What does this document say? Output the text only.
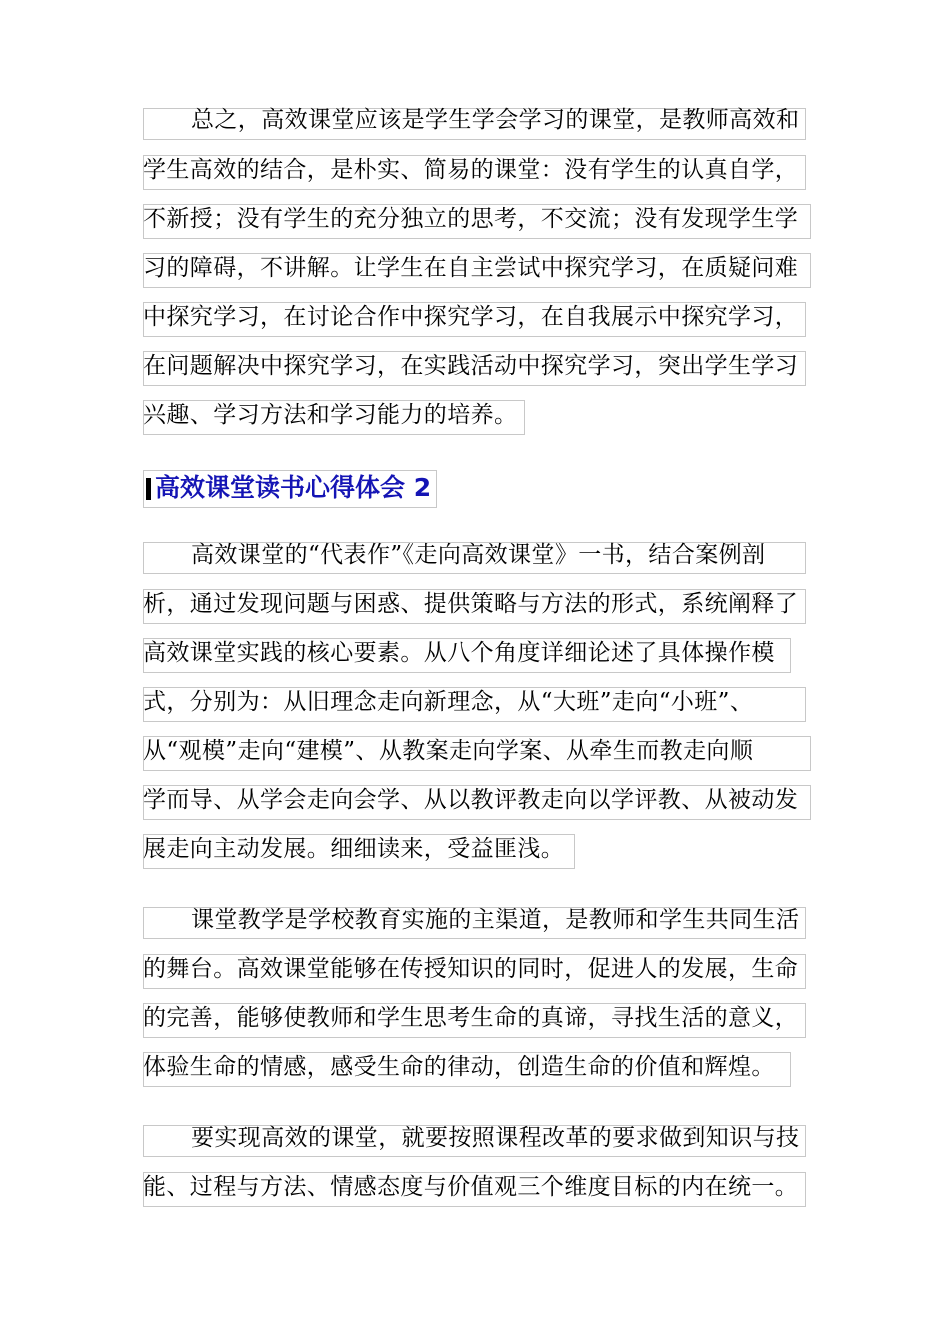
总之，高效课堂应该是学生学会学习的课堂，是教师高效和
学生高效的结合，是朴实、简易的课堂：没有学生的认真自学，
不新授；没有学生的充分独立的思考，不交流；没有发现学生学
习的障碍，不讲解。让学生在自主尝试中探究学习，在质疑问难
中探究学习，在讨论合作中探究学习，在自我展示中探究学习，
在问题解决中探究学习，在实践活动中探究学习，突出学生学习
兴趣、学习方法和学习能力的培养。
高效课堂读书心得体会 2
高效课堂的“代表作”《走向高效课堂》一书，结合案例剖
析，通过发现问题与困惑、提供策略与方法的形式，系统阐释了
高效课堂实践的核心要素。从八个角度详细论述了具体操作模
式，分别为：从旧理念走向新理念，从“大班”走向“小班”、
从“观模”走向“建模”、从教案走向学案、从牵生而教走向顺
学而导、从学会走向会学、从以教评教走向以学评教、从被动发
展走向主动发展。细细读来，受益匪浅。
课堂教学是学校教育实施的主渠道，是教师和学生共同生活
的舞台。高效课堂能够在传授知识的同时，促进人的发展，生命
的完善，能够使教师和学生思考生命的真谛，寻找生活的意义，
体验生命的情感，感受生命的律动，创造生命的价值和辉煌。
要实现高效的课堂，就要按照课程改革的要求做到知识与技
能、过程与方法、情感态度与价值观三个维度目标的内在统一。
